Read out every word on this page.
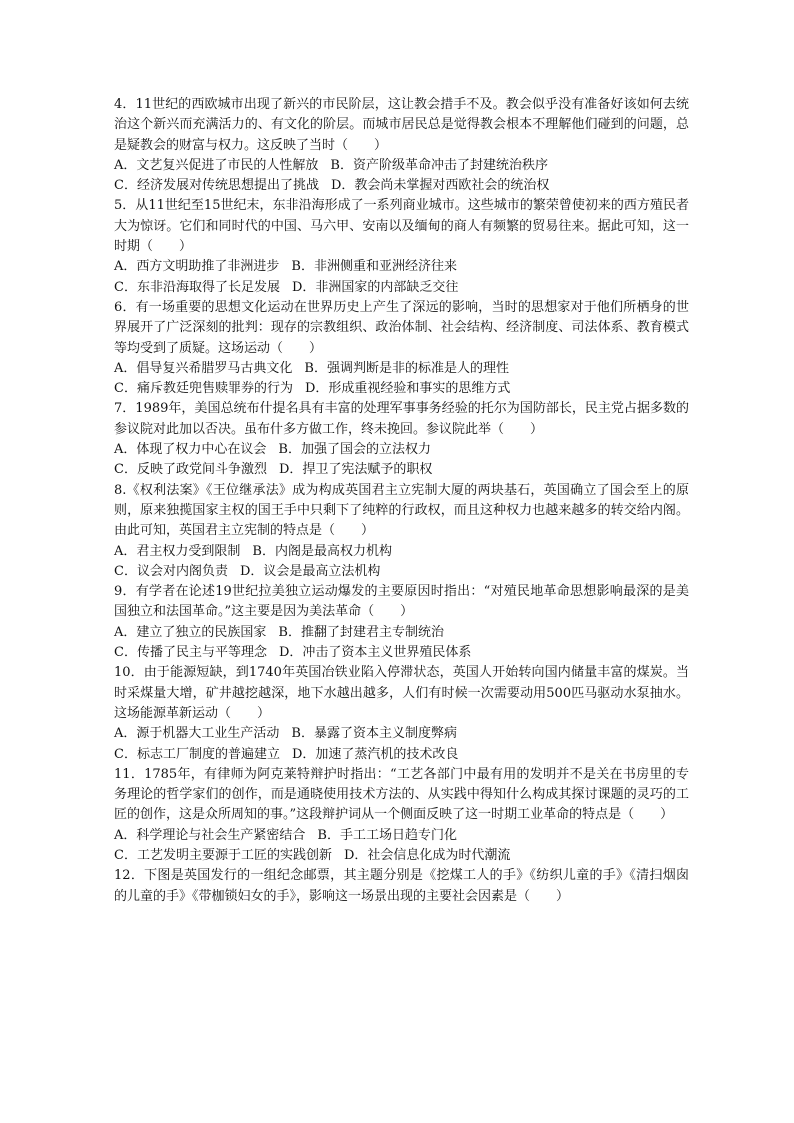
4．11世纪的西欧城市出现了新兴的市民阶层，这让教会措手不及。教会似乎没有准备好该如何去统治这个新兴而充满活力的、有文化的阶层。而城市居民总是觉得教会根本不理解他们碰到的问题，总是疑教会的财富与权力。这反映了当时（　　）

A．文艺复兴促进了市民的人性解放 B．资产阶级革命冲击了封建统治秩序
C．经济发展对传统思想提出了挑战 D．教会尚未掌握对西欧社会的统治权

5．从11世纪至15世纪末，东非沿海形成了一系列商业城市。这些城市的繁荣曾使初来的西方殖民者大为惊讶。它们和同时代的中国、马六甲、安南以及缅甸的商人有频繁的贸易往来。据此可知，这一时期（　　）

A．西方文明助推了非洲进步 B．非洲侧重和亚洲经济往来
C．东非沿海取得了长足发展 D．非洲国家的内部缺乏交往

6．有一场重要的思想文化运动在世界历史上产生了深远的影响，当时的思想家对于他们所栖身的世界展开了广泛深刻的批判：现存的宗教组织、政治体制、社会结构、经济制度、司法体系、教育模式等均受到了质疑。这场运动（　　）

A．倡导复兴希腊罗马古典文化 B．强调判断是非的标准是人的理性
C．痛斥教廷兜售赎罪券的行为 D．形成重视经验和事实的思维方式

7．1989年，美国总统布什提名具有丰富的处理军事事务经验的托尔为国防部长，民主党占据多数的参议院对此加以否决。虽布什多方做工作，终未挽回。参议院此举（　　）

A．体现了权力中心在议会 B．加强了国会的立法权力
C．反映了政党间斗争激烈 D．捍卫了宪法赋予的职权

8.《权利法案》《王位继承法》成为构成英国君主立宪制大厦的两块基石，英国确立了国会至上的原则，原来独揽国家主权的国王手中只剩下了纯粹的行政权，而且这种权力也越来越多的转交给内阁。由此可知，英国君主立宪制的特点是（　　）

A．君主权力受到限制 B．内阁是最高权力机构
C．议会对内阁负责 D．议会是最高立法机构

9．有学者在论述19世纪拉美独立运动爆发的主要原因时指出：“对殖民地革命思想影响最深的是美国独立和法国革命。”这主要是因为美法革命（　　）

A．建立了独立的民族国家 B．推翻了封建君主专制统治
C．传播了民主与平等理念 D．冲击了资本主义世界殖民体系

10．由于能源短缺，到1740年英国冶铁业陷入停滞状态，英国人开始转向国内储量丰富的煤炭。当时采煤量大增，矿井越挖越深，地下水越出越多，人们有时候一次需要动用500匹马驱动水泵抽水。这场能源革新运动（　　）

A．源于机器大工业生产活动 B．暴露了资本主义制度弊病
C．标志工厂制度的普遍建立 D．加速了蒸汽机的技术改良

11．1785年，有律师为阿克莱特辩护时指出：“工艺各部门中最有用的发明并不是关在书房里的专务理论的哲学家们的创作，而是通晓使用技术方法的、从实践中得知什么构成其探讨课题的灵巧的工匠的创作，这是众所周知的事。”这段辩护词从一个侧面反映了这一时期工业革命的特点是（　　）

A．科学理论与社会生产紧密结合 B．手工工场日趋专门化
C．工艺发明主要源于工匠的实践创新 D．社会信息化成为时代潮流

12．下图是英国发行的一组纪念邮票，其主题分别是《挖煤工人的手》《纺织儿童的手》《清扫烟囱的儿童的手》《带枷锁妇女的手》，影响这一场景出现的主要社会因素是（　　）
